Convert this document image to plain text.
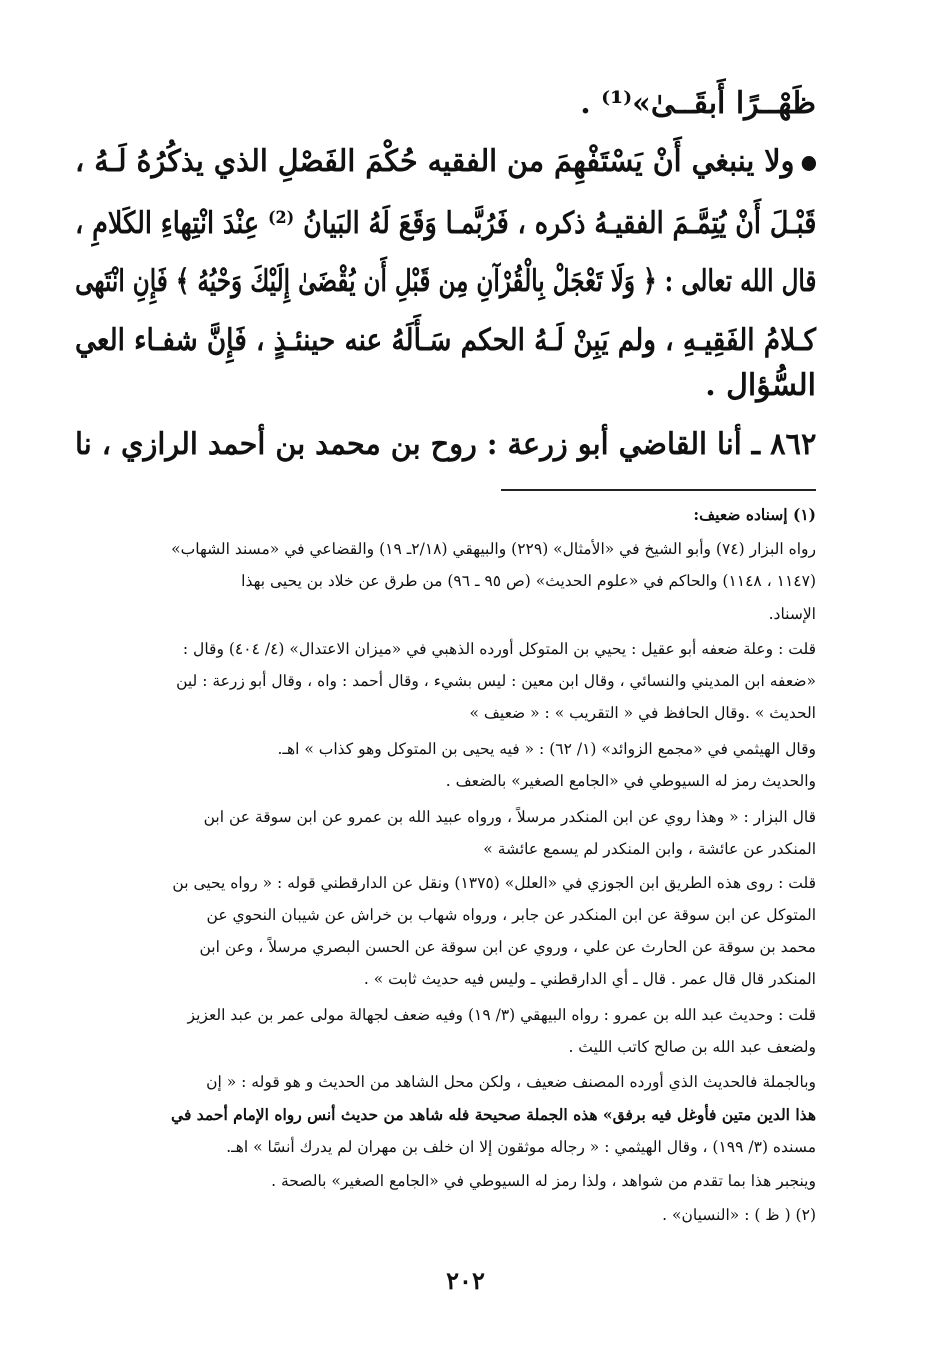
ظَهْــرًا أَبقَــىٰ»⁽¹⁾ .
ولا ينبغي أَنْ يَسْتَفْهِمَ من الفقيه حُكْمَ الفَصْلِ الذي يذكُرُهُ لَـهُ ،
قَبْـلَ أَنْ يُتِمَّـمَ الفقيـهُ ذكره ، فَرُبَّمـا وَقَعَ لَهُ البَيانُ ⁽²⁾ عِنْدَ انْتِهاءِ الكَلامِ ،
قال الله تعالى : ﴿ وَلَا تَعْجَلْ بِالْقُرْآنِ مِن قَبْلِ أَن يُقْضَىٰ إِلَيْكَ وَحْيُهُ ﴾ فَإِنِ انْتَهى
كـلامُ الفَقِيـهِ ، ولم يَبِنْ لَـهُ الحكم سَـأَلَهُ عنه حينئـذٍ ، فَإِنَّ شفـاء العي
السُّؤال .
٨٦٢ ـ أنا القاضي أبو زرعة : روح بن محمد بن أحمد الرازي ، نا
(١) إسناده ضعيف:
رواه البزار (٧٤) وأبو الشيخ في «الأمثال» (٢٢٩) والبيهقي (٢/١٨ـ ١٩) والقضاعي في «مسند الشهاب»
(١١٤٧ ، ١١٤٨) والحاكم في «علوم الحديث» (ص ٩٥ ـ ٩٦) من طرق عن خلاد بن يحيى بهذا
الإسناد.
قلت : وعلة ضعفه أبو عقيل : يحيي بن المتوكل أورده الذهبي في «ميزان الاعتدال» (٤/ ٤٠٤) وقال :
«ضعفه ابن المديني والنسائي ، وقال ابن معين : ليس بشيء ، وقال أحمد : واه ، وقال أبو زرعة : لين
الحديث » .وقال الحافظ في « التقريب » : « ضعيف »
وقال الهيثمي في «مجمع الزوائد» (١/ ٦٢) : « فيه يحيى بن المتوكل وهو كذاب » اهـ.
والحديث رمز له السيوطي في «الجامع الصغير» بالضعف .
قال البزار : « وهذا روي عن ابن المنكدر مرسلاً ، ورواه عبيد الله بن عمرو عن ابن سوقة عن ابن
المنكدر عن عائشة ، وابن المنكدر لم يسمع عائشة »
قلت : روى هذه الطريق ابن الجوزي في «العلل» (١٣٧٥) ونقل عن الدارقطني قوله : « رواه يحيى بن
المتوكل عن ابن سوقة عن ابن المنكدر عن جابر ، ورواه شهاب بن خراش عن شيبان النحوي عن
محمد بن سوقة عن الحارث عن علي ، وروي عن ابن سوقة عن الحسن البصري مرسلاً ، وعن ابن
المنكدر قال قال عمر . قال ـ أي الدارقطني ـ وليس فيه حديث ثابت » .
قلت : وحديث عبد الله بن عمرو : رواه البيهقي (٣/ ١٩) وفيه ضعف لجهالة مولى عمر بن عبد العزيز
ولضعف عبد الله بن صالح كاتب الليث .
وبالجملة فالحديث الذي أورده المصنف ضعيف ، ولكن محل الشاهد من الحديث و هو قوله : « إن
هذا الدين متين فأوغل فيه برفق» هذه الجملة صحيحة فله شاهد من حديث أنس رواه الإمام أحمد في
مسنده (٣/ ١٩٩) ، وقال الهيثمي : « رجاله موثقون إلا ان خلف بن مهران لم يدرك أنسًا » اهـ.
وينجبر هذا بما تقدم من شواهد ، ولذا رمز له السيوطي في «الجامع الصغير» بالصحة .
(٢) ( ظ ) : «النسيان» .
٢٠٢
